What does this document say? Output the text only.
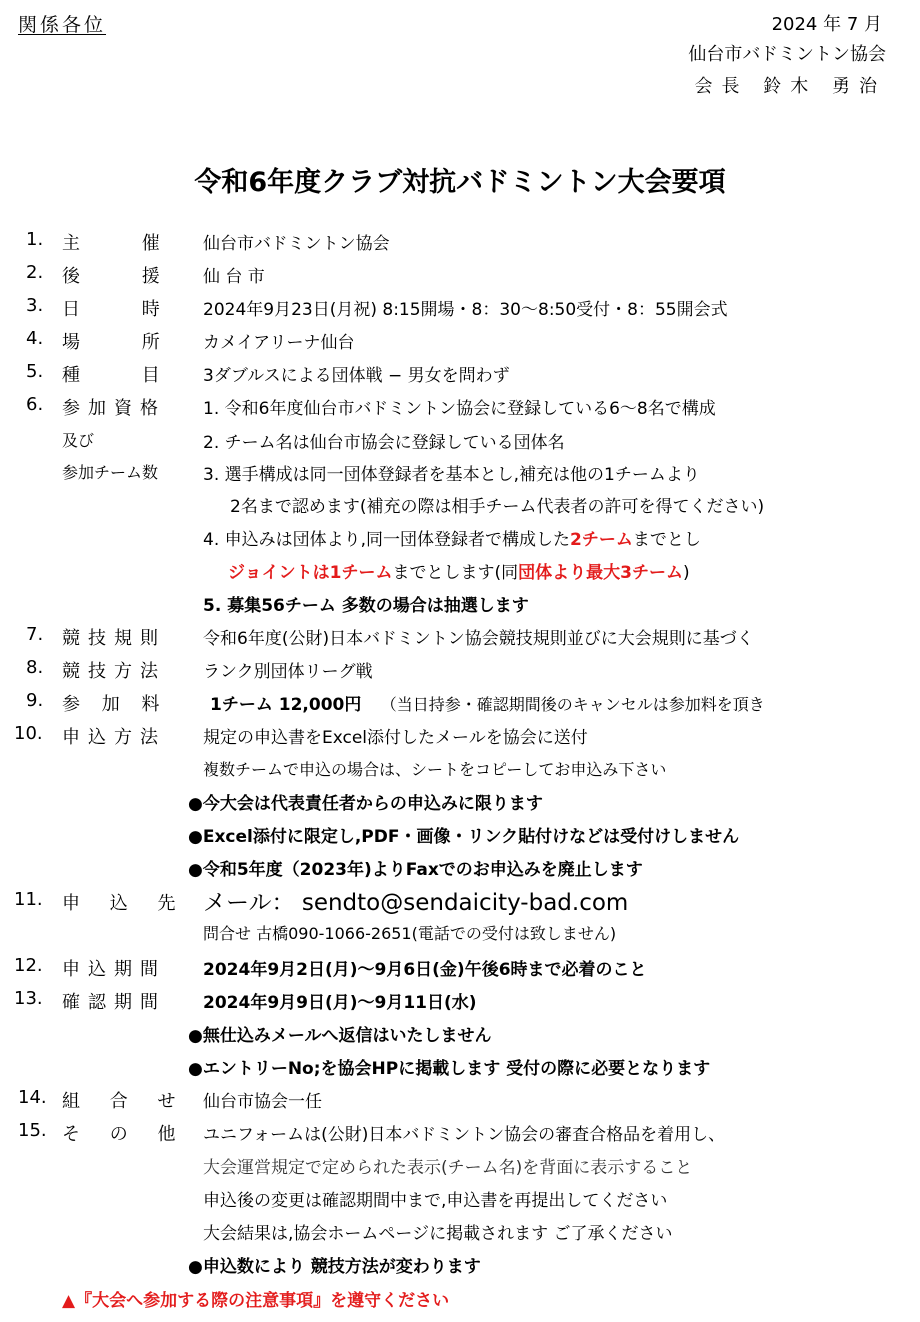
関係各位	2024 年 7 月
仙台市バドミントン協会
会長 鈴木 勇治
令和6年度クラブ対抗バドミントン大会要項
1. 主 催 仙台市バドミントン協会
2. 後 援 仙 台 市
3. 日 時 2024年9月23日(月祝) 8:15開場・8：30～8:50受付・8：55開会式
4. 場 所 カメイアリーナ仙台
5. 種 目 3ダブルスによる団体戦 − 男女を問わず
6. 参加資格
及び
参加チーム数
1. 令和6年度仙台市バドミントン協会に登録している6～8名で構成
2. チーム名は仙台市協会に登録している団体名
3. 選手構成は同一団体登録者を基本とし,補充は他の1チームより
2名まで認めます(補充の際は相手チーム代表者の許可を得てください)
4. 申込みは団体より,同一団体登録者で構成した2チームまでとし
ジョイントは1チームまでとします(同団体より最大3チーム)
5. 募集56チーム 多数の場合は抽選します
7. 競技規則 令和6年度(公財)日本バドミントン協会競技規則並びに大会規則に基づく
8. 競技方法 ランク別団体リーグ戦
9. 参 加 料	1チーム 12,000円 （当日持参・確認期間後のキャンセルは参加料を頂き
10. 申込方法 規定の申込書をExcel添付したメールを協会に送付
複数チームで申込の場合は、シートをコピーしてお申込み下さい
●今大会は代表責任者からの申込みに限ります
●Excel添付に限定し,PDF・画像・リンク貼付けなどは受付けしません
●令和5年度（2023年)よりFaxでのお申込みを廃止します
11. 申 込 先 メール： sendto@sendaicity-bad.com
問合せ 古橋090-1066-2651(電話での受付は致しません)
12. 申込期間 2024年9月2日(月)～9月6日(金)午後6時まで必着のこと
13. 確認期間 2024年9月9日(月)～9月11日(水)
●無仕込みメールへ返信はいたしません
●エントリーNo;を協会HPに掲載します 受付の際に必要となります
14. 組 合 せ 仙台市協会一任
15. そ の 他 ユニフォームは(公財)日本バドミントン協会の審査合格品を着用し、
大会運営規定で定められた表示(チーム名)を背面に表示すること
申込後の変更は確認期間中まで,申込書を再提出してください
大会結果は,協会ホームページに掲載されます ご了承ください
●申込数により 競技方法が変わります
▲『大会へ参加する際の注意事項』を遵守ください
